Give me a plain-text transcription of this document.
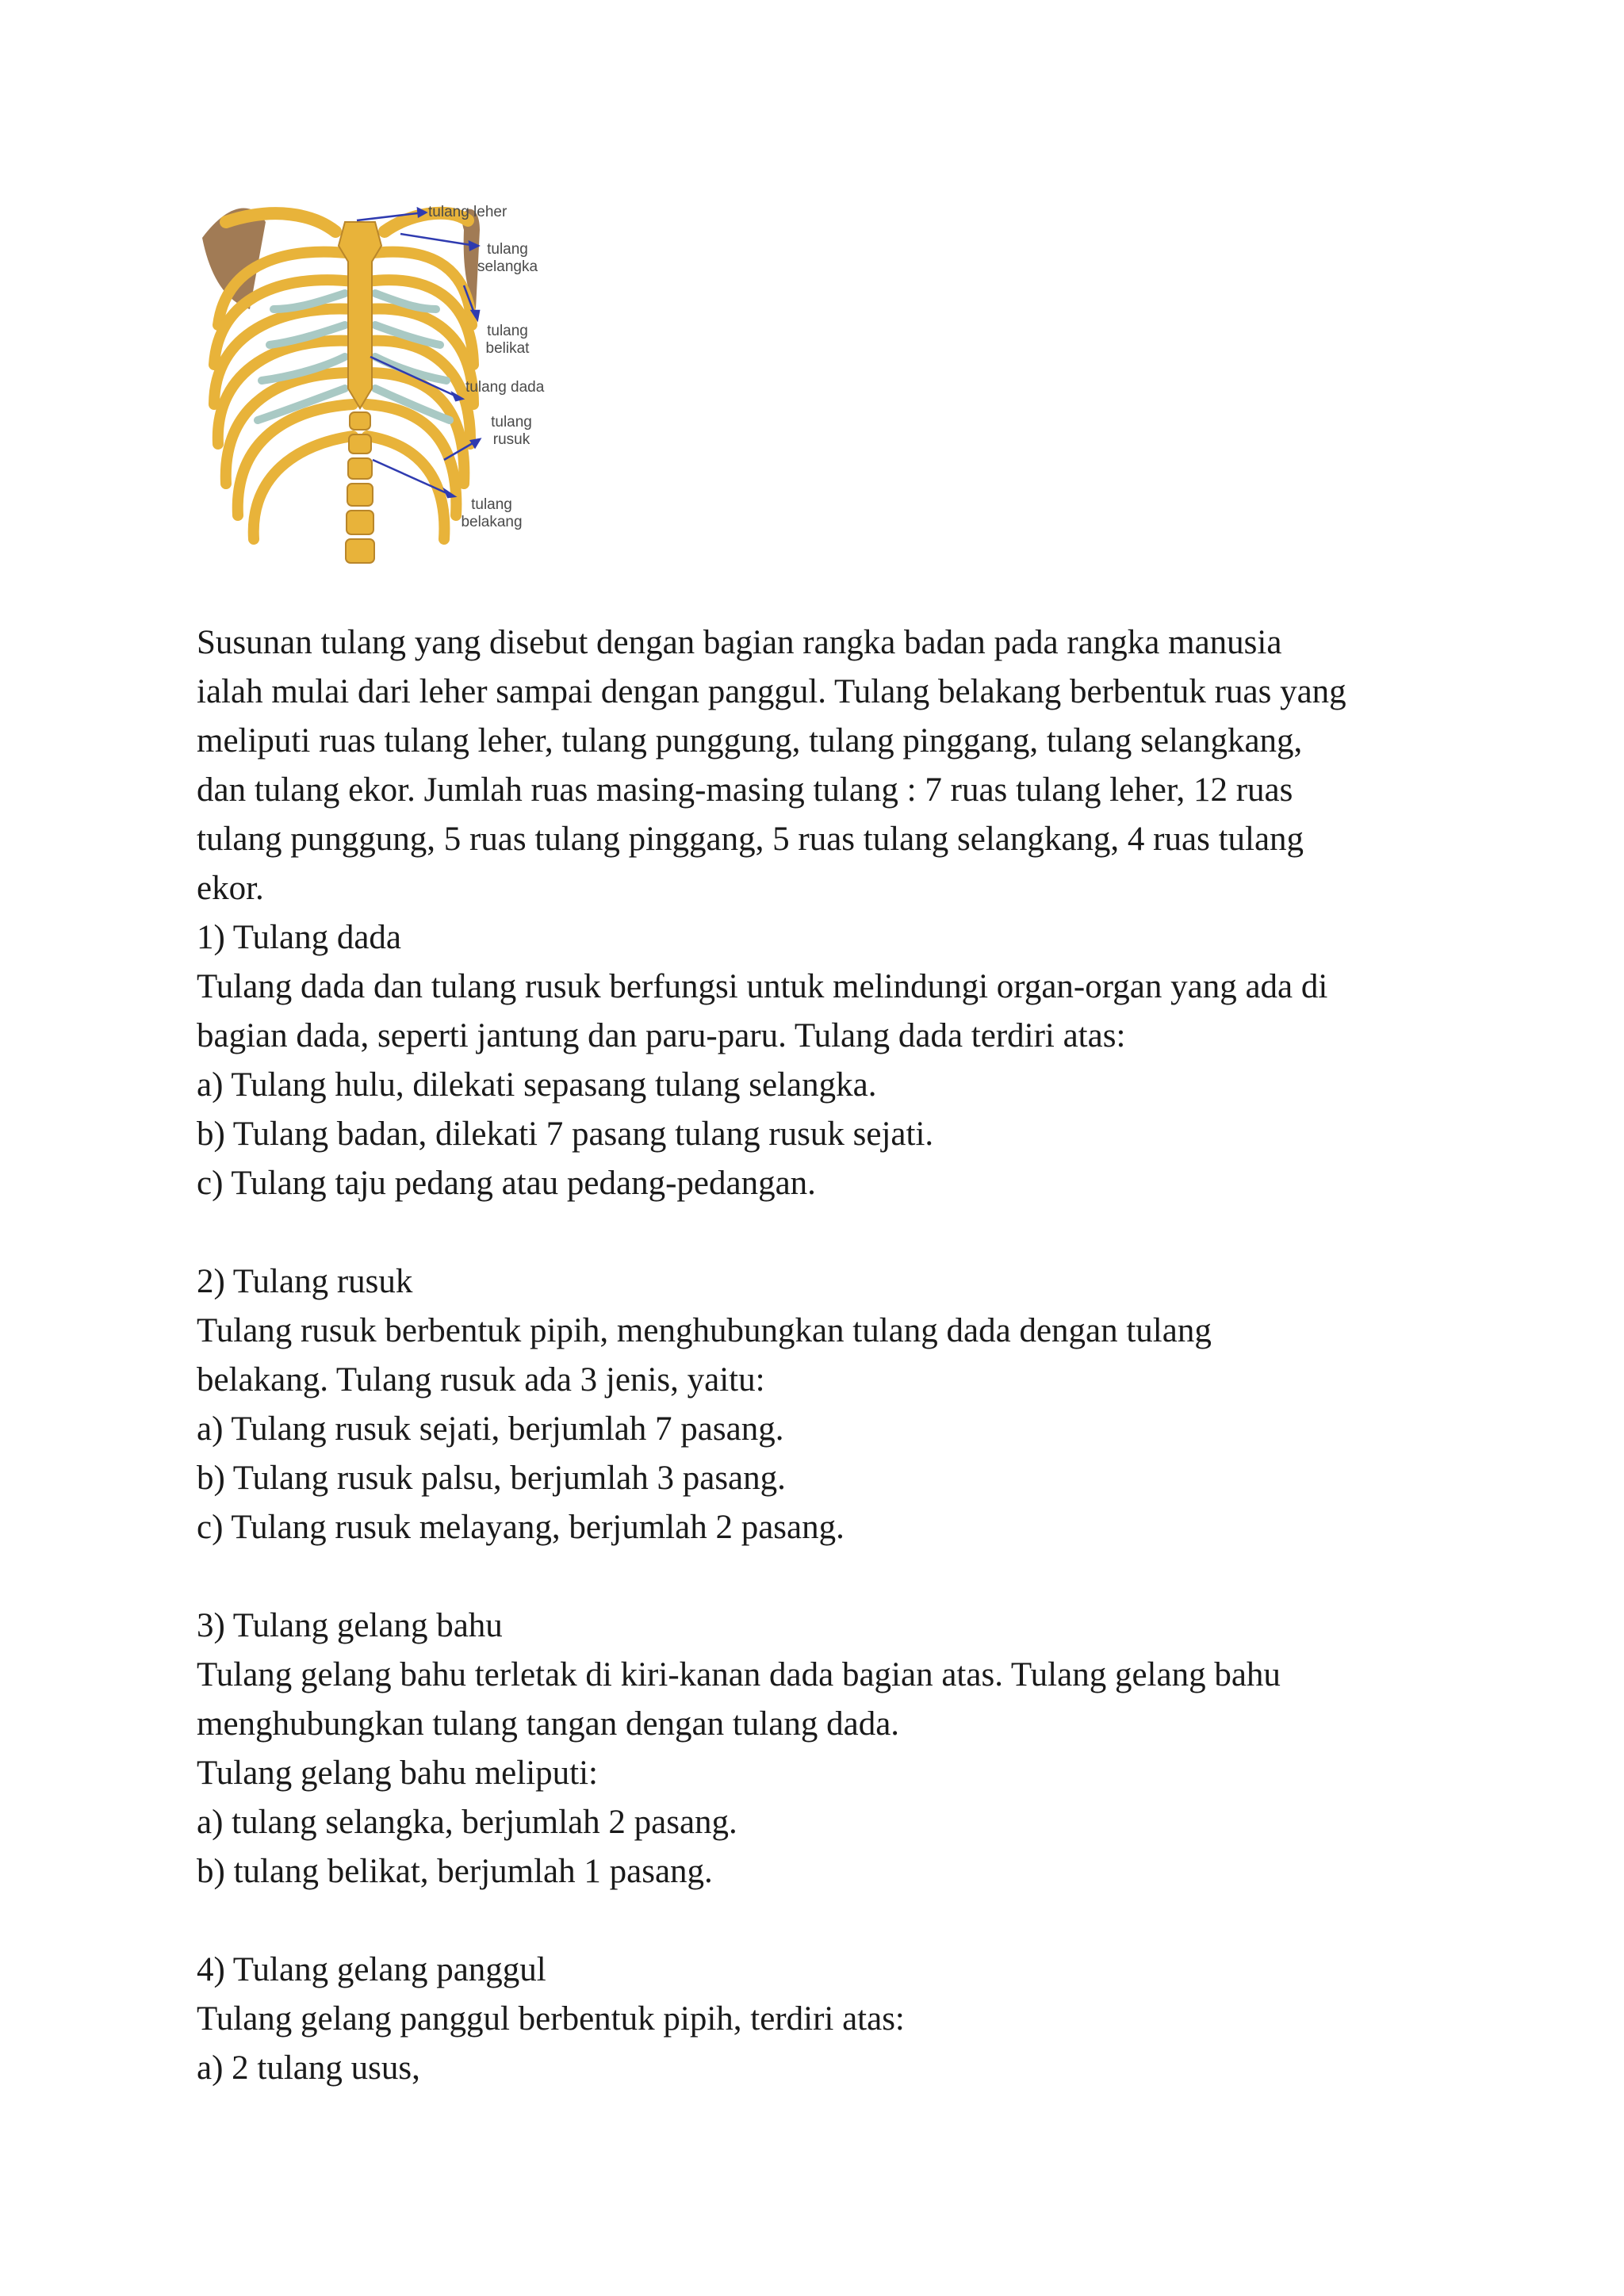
tulang leher
tulang
selangka
tulang
belikat
tulang dada
tulang
rusuk
tulang
belakang

Susunan tulang yang disebut dengan bagian rangka badan pada rangka manusia

ialah mulai dari leher sampai dengan panggul. Tulang belakang berbentuk ruas yang

meliputi ruas tulang leher, tulang punggung, tulang pinggang, tulang selangkang,

dan tulang ekor. Jumlah ruas masing-masing tulang : 7 ruas tulang leher, 12 ruas

tulang punggung, 5 ruas tulang pinggang, 5 ruas tulang selangkang, 4 ruas tulang

ekor.

1) Tulang dada

Tulang dada dan tulang rusuk berfungsi untuk melindungi organ-organ yang ada di

bagian dada, seperti jantung dan paru-paru. Tulang dada terdiri atas:

a) Tulang hulu, dilekati sepasang tulang selangka.

b) Tulang badan, dilekati 7 pasang tulang rusuk sejati.

c) Tulang taju pedang atau pedang-pedangan.

2) Tulang rusuk

Tulang rusuk berbentuk pipih, menghubungkan tulang dada dengan tulang

belakang. Tulang rusuk ada 3 jenis, yaitu:

a) Tulang rusuk sejati, berjumlah 7 pasang.

b) Tulang rusuk palsu, berjumlah 3 pasang.

c) Tulang rusuk melayang, berjumlah 2 pasang.

3) Tulang gelang bahu

Tulang gelang bahu terletak di kiri-kanan dada bagian atas. Tulang gelang bahu

menghubungkan tulang tangan dengan tulang dada.

Tulang gelang bahu meliputi:

a) tulang selangka, berjumlah 2 pasang.

b) tulang belikat, berjumlah 1 pasang.

4) Tulang gelang panggul

Tulang gelang panggul berbentuk pipih, terdiri atas:

a) 2 tulang usus,
